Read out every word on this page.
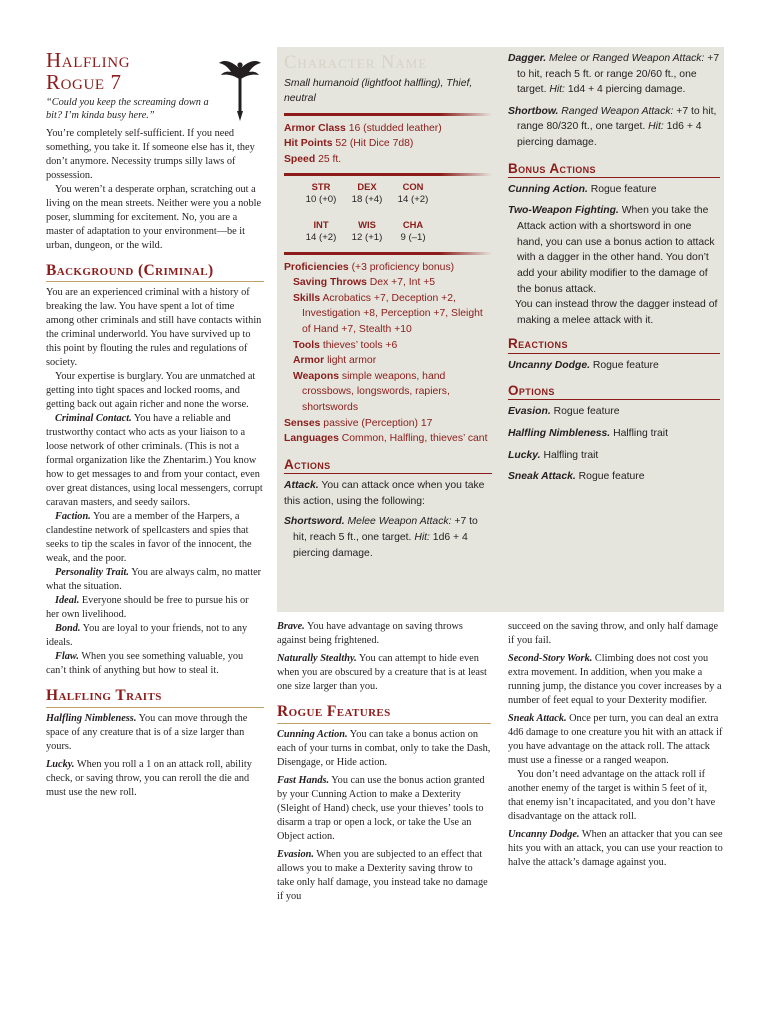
Halfling
Rogue 7

“Could you keep the screaming down a bit? I’m kinda busy here.”

You’re completely self-sufficient. If you need something, you take it. If someone else has it, they don’t anymore. Necessity trumps silly laws of possession.

You weren’t a desperate orphan, scratching out a living on the mean streets. Neither were you a noble poser, slumming for excitement. No, you are a master of adaptation to your environment—be it urban, dungeon, or the wild.

Background (Criminal)

You are an experienced criminal with a history of breaking the law. You have spent a lot of time among other criminals and still have contacts within the criminal underworld. You have survived up to this point by flouting the rules and regulations of society.

Your expertise is burglary. You are unmatched at getting into tight spaces and locked rooms, and getting back out again richer and none the worse.

Criminal Contact. You have a reliable and trustworthy contact who acts as your liaison to a loose network of other criminals. (This is not a formal organization like the Zhentarim.) You know how to get messages to and from your contact, even over great distances, using local messengers, corrupt caravan masters, and seedy sailors.

Faction. You are a member of the Harpers, a clandestine network of spellcasters and spies that seeks to tip the scales in favor of the innocent, the weak, and the poor.

Personality Trait. You are always calm, no matter what the situation.

Ideal. Everyone should be free to pursue his or her own livelihood.

Bond. You are loyal to your friends, not to any ideals.

Flaw. When you see something valuable, you can’t think of anything but how to steal it.

Halfling Traits

Halfling Nimbleness. You can move through the space of any creature that is of a size larger than yours.

Lucky. When you roll a 1 on an attack roll, ability check, or saving throw, you can reroll the die and must use the new roll.

Character Name

Small humanoid (lightfoot halfling), Thief, neutral

Armor Class 16 (studded leather)

Hit Points 52 (Hit Dice 7d8)

Speed 25 ft.

STR
10 (+0)
DEX
18 (+4)
CON
14 (+2)
INT
14 (+2)
WIS
12 (+1)
CHA
9 (–1)

Proficiencies (+3 proficiency bonus)

Saving Throws Dex +7, Int +5

Skills Acrobatics +7, Deception +2, Investigation +8, Perception +7, Sleight of Hand +7, Stealth +10

Tools thieves’ tools +6

Armor light armor

Weapons simple weapons, hand crossbows, longswords, rapiers, shortswords

Senses passive (Perception) 17

Languages Common, Halfling, thieves’ cant

Actions

Attack. You can attack once when you take this action, using the following:

Shortsword. Melee Weapon Attack: +7 to hit, reach 5 ft., one target. Hit: 1d6 + 4 piercing damage.

Dagger. Melee or Ranged Weapon Attack: +7 to hit, reach 5 ft. or range 20/60 ft., one target. Hit: 1d4 + 4 piercing damage.

Shortbow. Ranged Weapon Attack: +7 to hit, range 80/320 ft., one target. Hit: 1d6 + 4 piercing damage.

Bonus Actions

Cunning Action. Rogue feature

Two-Weapon Fighting. When you take the Attack action with a shortsword in one hand, you can use a bonus action to attack with a dagger in the other hand. You don’t add your ability modifier to the damage of the bonus attack.

You can instead throw the dagger instead of making a melee attack with it.

Reactions

Uncanny Dodge. Rogue feature

Options

Evasion. Rogue feature

Halfling Nimbleness. Halfling trait

Lucky. Halfling trait

Sneak Attack. Rogue feature

Brave. You have advantage on saving throws against being frightened.

Naturally Stealthy. You can attempt to hide even when you are obscured by a creature that is at least one size larger than you.

Rogue Features

Cunning Action. You can take a bonus action on each of your turns in combat, only to take the Dash, Disengage, or Hide action.

Fast Hands. You can use the bonus action granted by your Cunning Action to make a Dexterity (Sleight of Hand) check, use your thieves’ tools to disarm a trap or open a lock, or take the Use an Object action.

Evasion. When you are subjected to an effect that allows you to make a Dexterity saving throw to take only half damage, you instead take no damage if you

succeed on the saving throw, and only half damage if you fail.

Second-Story Work. Climbing does not cost you extra movement. In addition, when you make a running jump, the distance you cover increases by a number of feet equal to your Dexterity modifier.

Sneak Attack. Once per turn, you can deal an extra 4d6 damage to one creature you hit with an attack if you have advantage on the attack roll. The attack must use a finesse or a ranged weapon.

You don’t need advantage on the attack roll if another enemy of the target is within 5 feet of it, that enemy isn’t incapacitated, and you don’t have disadvantage on the attack roll.

Uncanny Dodge. When an attacker that you can see hits you with an attack, you can use your reaction to halve the attack’s damage against you.
